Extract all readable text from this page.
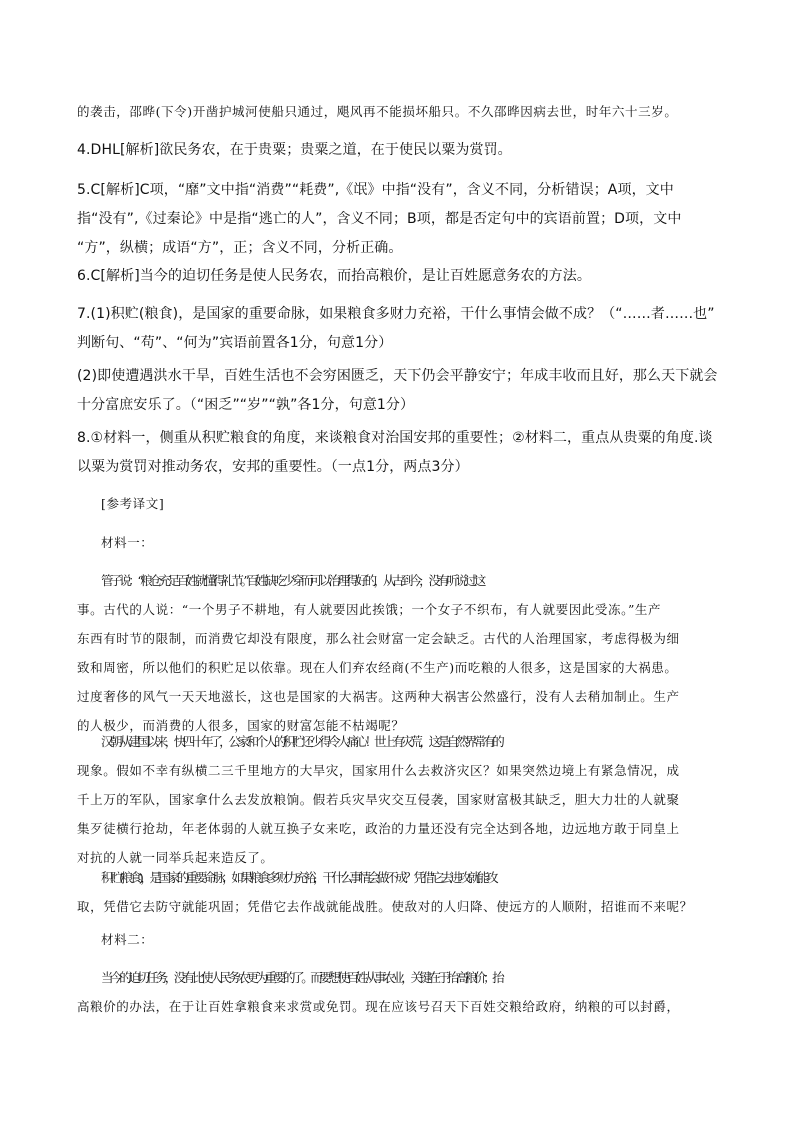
的袭击，邵晔(下令)开凿护城河使船只通过，飓风再不能损坏船只。不久邵晔因病去世，时年六十三岁。

4.DHL[解析]欲民务农，在于贵粟；贵粟之道，在于使民以粟为赏罚。

5.C[解析]C项，“靡”文中指“消费”“耗费”,《氓》中指“没有”，含义不同，分析错误；A项，文中
指“没有”,《过秦论》中是指“逃亡的人”，含义不同；B项，都是否定句中的宾语前置；D项，文中
“方”，纵横；成语“方”，正；含义不同，分析正确。

6.C[解析]当今的迫切任务是使人民务农，而抬高粮价，是让百姓愿意务农的方法。

7.(1)积贮(粮食)，是国家的重要命脉，如果粮食多财力充裕，干什么事情会做不成？（“……者……也”
判断句、“苟”、“何为”宾语前置各1分，句意1分）

(2)即使遭遇洪水干旱，百姓生活也不会穷困匮乏，天下仍会平静安宁；年成丰收而且好，那么天下就会
十分富庶安乐了。（“困乏”“岁”“孰”各1分，句意1分）

8.①材料一，侧重从积贮粮食的角度，来谈粮食对治国安邦的重要性；②材料二，重点从贵粟的角度.谈
以粟为赏罚对推动务农，安邦的重要性。（一点1分，两点3分）

[参考译文]

材料一：

管子说：“粮仓充足百姓就懂得礼节。”百姓缺吃少穿而可以治理得好的，从古到今，没有听说过这
事。古代的人说：“一个男子不耕地，有人就要因此挨饿；一个女子不织布，有人就要因此受冻。”生产
东西有时节的限制，而消费它却没有限度，那么社会财富一定会缺乏。古代的人治理国家，考虑得极为细
致和周密，所以他们的积贮足以依靠。现在人们弃农经商(不生产)而吃粮的人很多，这是国家的大祸患。
过度奢侈的风气一天天地滋长，这也是国家的大祸害。这两种大祸害公然盛行，没有人去稍加制止。生产
的人极少，而消费的人很多，国家的财富怎能不枯竭呢？

汉朝从建国以来，快四十年了，公家和个人的积贮还少得令人痛心！世上有灾荒，这是自然界常有的
现象。假如不幸有纵横二三千里地方的大旱灾，国家用什么去救济灾区？如果突然边境上有紧急情况，成
千上万的军队，国家拿什么去发放粮饷。假若兵灾旱灾交互侵袭，国家财富极其缺乏，胆大力壮的人就聚
集歹徒横行抢劫，年老体弱的人就互换子女来吃，政治的力量还没有完全达到各地，边远地方敢于同皇上
对抗的人就一同举兵起来造反了。

积贮(粮食)，是国家的重要命脉，如果粮食多财力充裕，干什么事情会做不成？凭借它去进攻就能攻
取，凭借它去防守就能巩固；凭借它去作战就能战胜。使敌对的人归降、使远方的人顺附，招谁而不来呢？

材料二：

当今的迫切任务，没有比使人民务农更为重要的了。而要想使百姓从事农业，关键在于抬高粮价；抬
高粮价的办法，在于让百姓拿粮食来求赏或免罚。现在应该号召天下百姓交粮给政府，纳粮的可以封爵，
